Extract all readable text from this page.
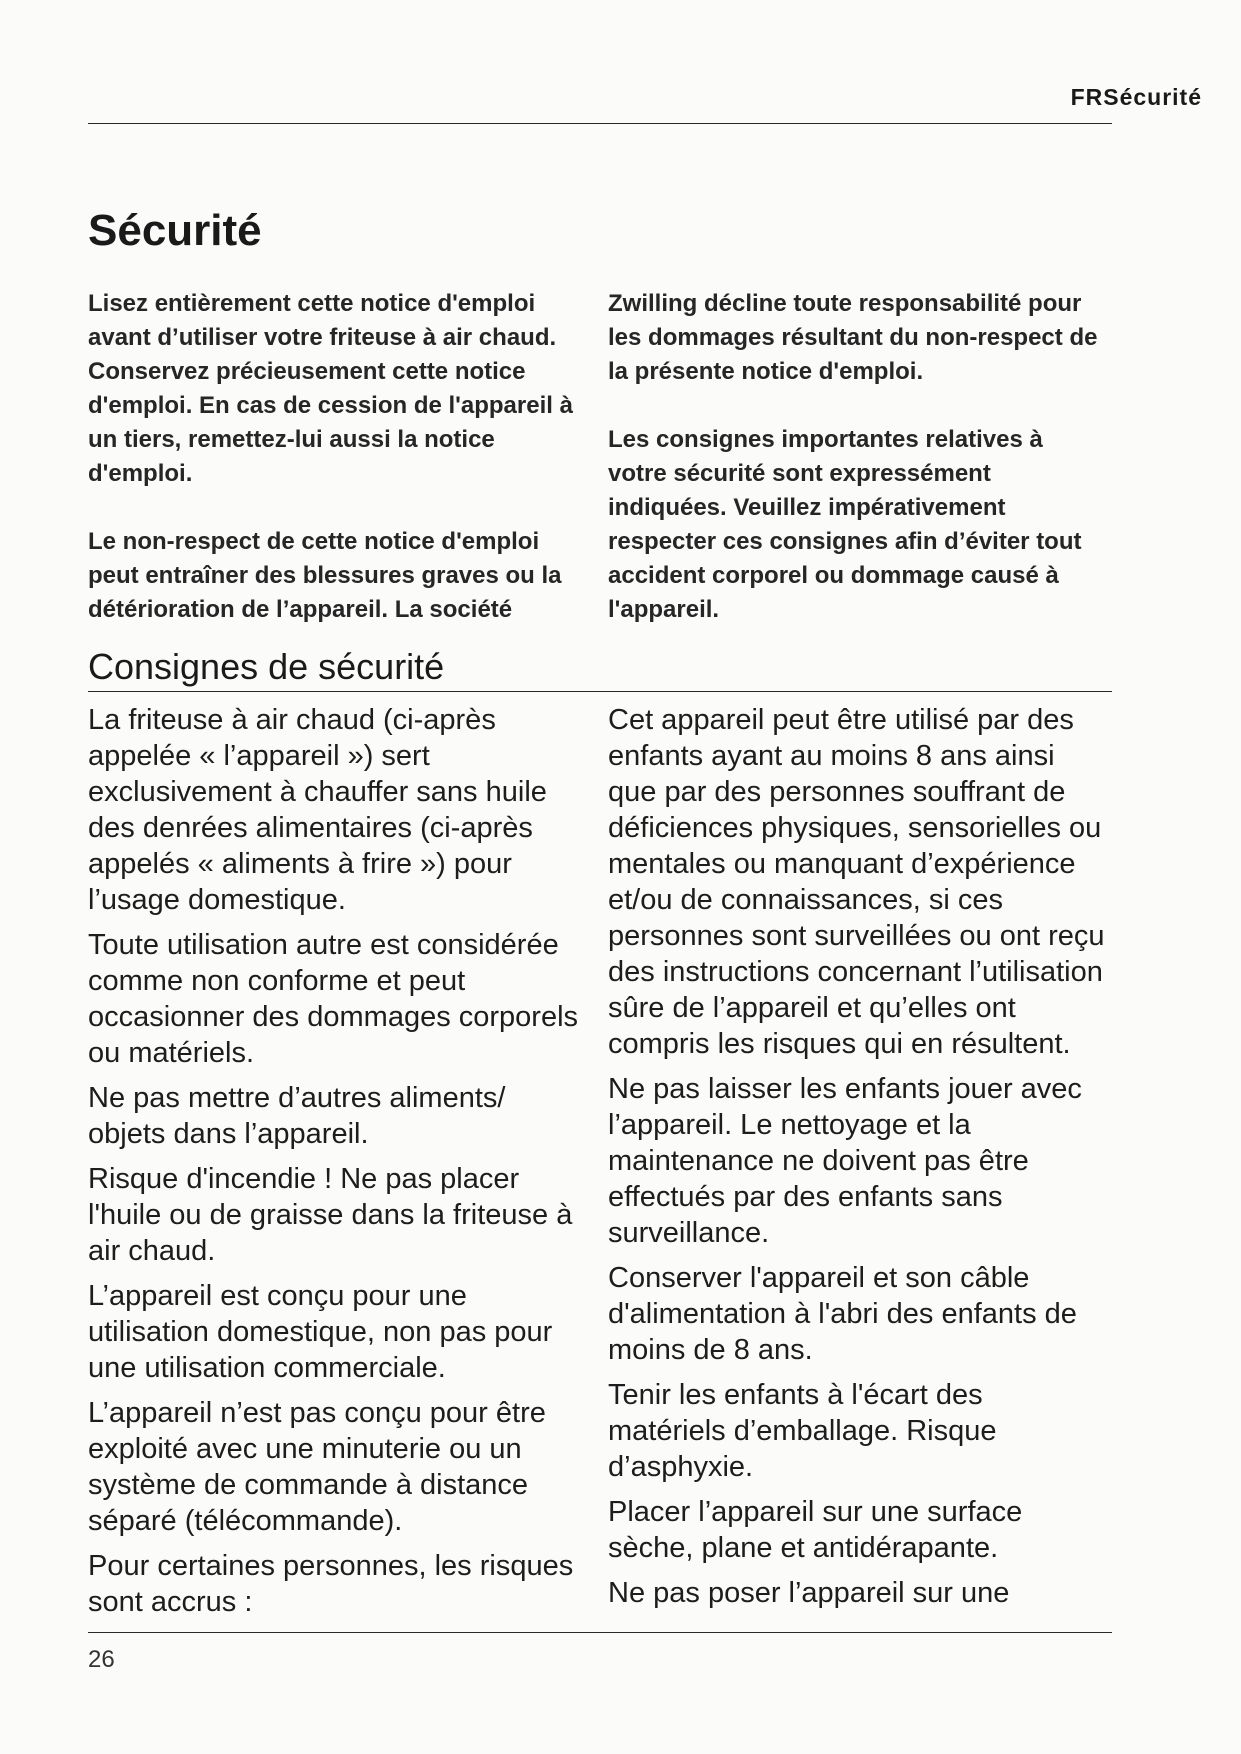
FRSécurité
Sécurité

Lisez entièrement cette notice d'emploi avant d’utiliser votre friteuse à air chaud. Conservez précieusement cette notice d'emploi. En cas de cession de l'appareil à un tiers, remettez-lui aussi la notice d'emploi.

Le non-respect de cette notice d'emploi peut entraîner des blessures graves ou la détérioration de l’appareil. La société

Zwilling décline toute responsabilité pour les dommages résultant du non-respect de la présente notice d'emploi.

Les consignes importantes relatives à votre sécurité sont expressément indiquées. Veuillez impérativement respecter ces consignes afin d’éviter tout accident corporel ou dommage causé à l'appareil.

Consignes de sécurité

La friteuse à air chaud (ci-après appelée « l’appareil ») sert exclusivement à chauffer sans huile des denrées alimentaires (ci-après appelés « aliments à frire ») pour l’usage domestique.

Toute utilisation autre est considérée comme non conforme et peut occasionner des dommages corporels ou matériels.

Ne pas mettre d’autres aliments/ objets dans l’appareil.

Risque d'incendie ! Ne pas placer l'huile ou de graisse dans la friteuse à air chaud.

L’appareil est conçu pour une utilisation domestique, non pas pour une utilisation commerciale.

L’appareil n’est pas conçu pour être exploité avec une minuterie ou un système de commande à distance séparé (télécommande).

Pour certaines personnes, les risques sont accrus :

Cet appareil peut être utilisé par des enfants ayant au moins 8 ans ainsi que par des personnes souffrant de déficiences physiques, sensorielles ou mentales ou manquant d’expérience et/ou de connaissances, si ces personnes sont surveillées ou ont reçu des instructions concernant l’utilisation sûre de l’appareil et qu’elles ont compris les risques qui en résultent.

Ne pas laisser les enfants jouer avec l’appareil. Le nettoyage et la maintenance ne doivent pas être effectués par des enfants sans surveillance.

Conserver l'appareil et son câble d'alimentation à l'abri des enfants de moins de 8 ans.

Tenir les enfants à l'écart des matériels d’emballage. Risque d’asphyxie.

Placer l’appareil sur une surface sèche, plane et antidérapante.

Ne pas poser l’appareil sur une

26
